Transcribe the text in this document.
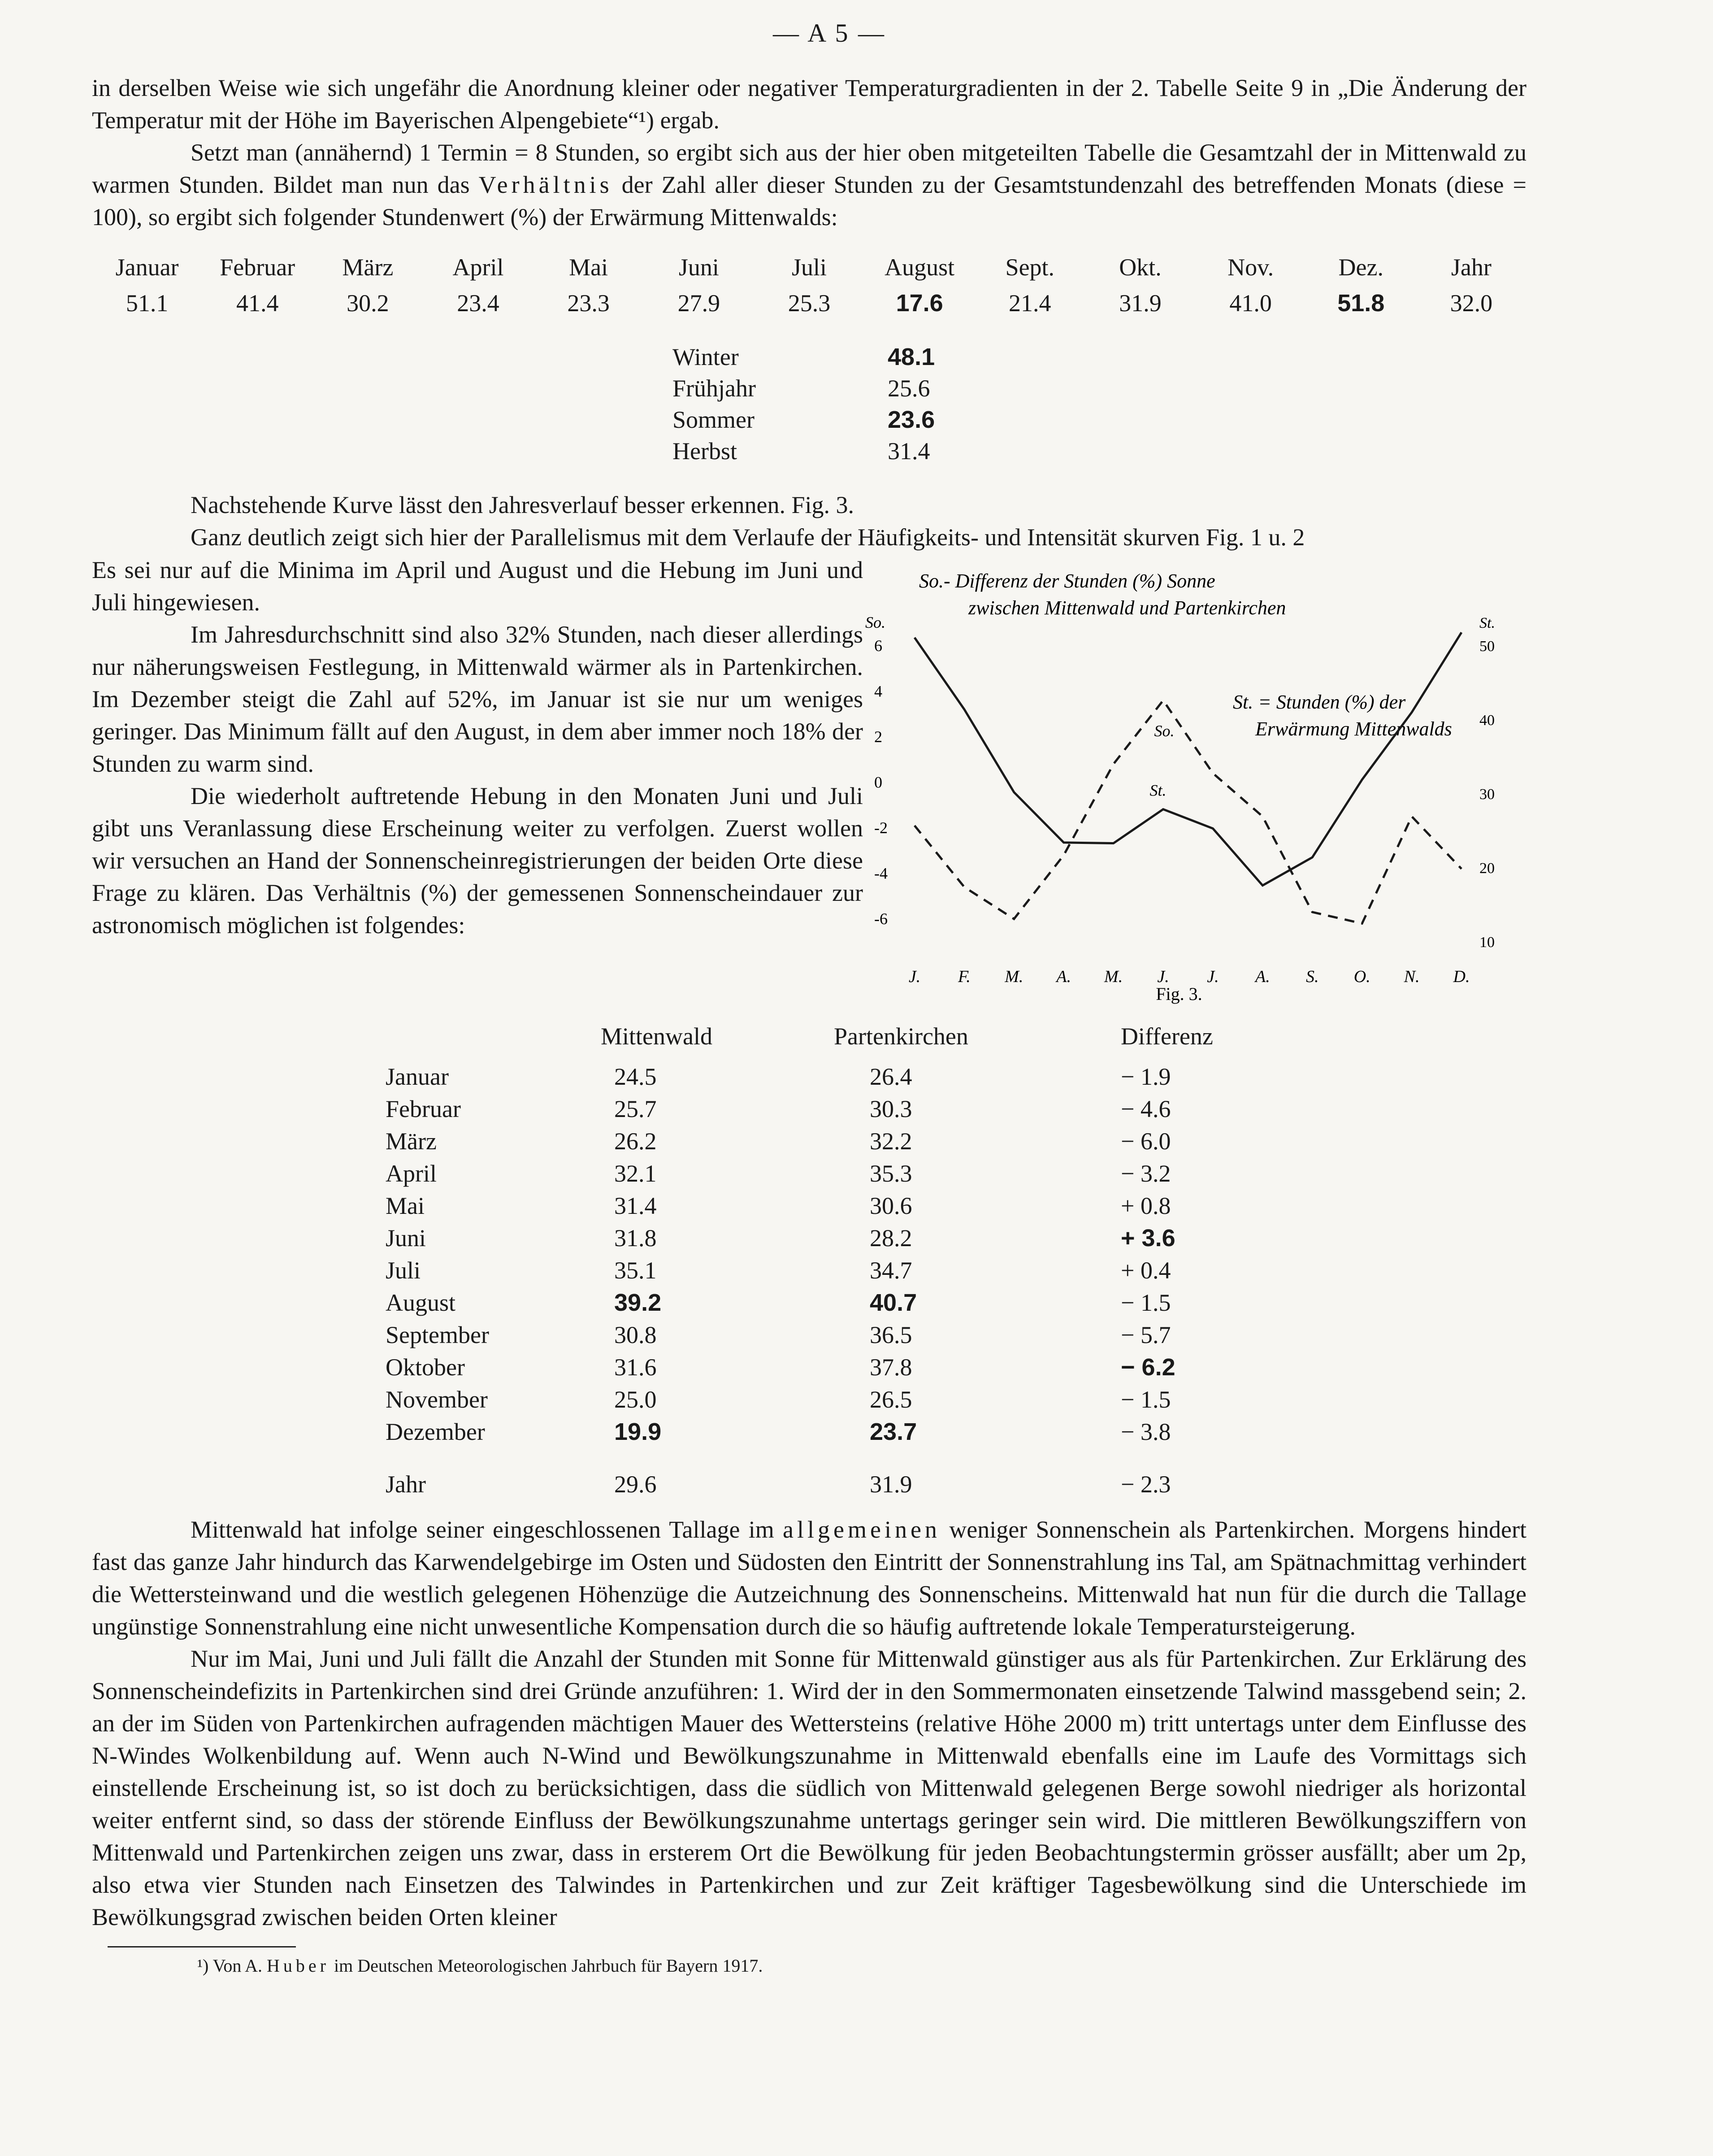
— A 5 —

in derselben Weise wie sich ungefähr die Anordnung kleiner oder negativer Temperaturgradienten in der 2. Tabelle Seite 9 in „Die Änderung der Temperatur mit der Höhe im Bayerischen Alpengebiete“¹) ergab.

Setzt man (annähernd) 1 Termin = 8 Stunden, so ergibt sich aus der hier oben mitgeteilten Tabelle die Gesamtzahl der in Mittenwald zu warmen Stunden. Bildet man nun das Verhältnis der Zahl aller dieser Stunden zu der Gesamtstundenzahl des betreffenden Monats (diese = 100), so ergibt sich folgender Stundenwert (%) der Erwärmung Mittenwalds:

Januar	Februar	März	April	Mai	Juni	Juli	August	Sept.	Okt.	Nov.	Dez.	Jahr
51.1	41.4	30.2	23.4	23.3	27.9	25.3	17.6	21.4	31.9	41.0	51.8	32.0
Winter	48.1
Frühjahr	25.6
Sommer	23.6
Herbst	31.4

Nachstehende Kurve lässt den Jahresverlauf besser erkennen. Fig. 3.

Ganz deutlich zeigt sich hier der Parallelismus mit dem Verlaufe der Häufigkeits- und Intensität skurven Fig. 1 u. 2

Es sei nur auf die Minima im April und August und die Hebung im Juni und Juli hingewiesen.

Im Jahresdurchschnitt sind also 32% Stunden, nach dieser allerdings nur näherungsweisen Festlegung, in Mittenwald wärmer als in Partenkirchen. Im Dezember steigt die Zahl auf 52%, im Januar ist sie nur um weniges geringer. Das Minimum fällt auf den August, in dem aber immer noch 18% der Stunden zu warm sind.

Die wiederholt auftretende Hebung in den Monaten Juni und Juli gibt uns Veranlassung diese Erscheinung weiter zu verfolgen. Zuerst wollen wir versuchen an Hand der Sonnenscheinregistrierungen der beiden Orte diese Frage zu klären. Das Verhältnis (%) der gemessenen Sonnenscheindauer zur astronomisch möglichen ist folgendes:

So.- Differenz der Stunden (%) Sonne
zwischen Mittenwald und Partenkirchen
St. = Stunden (%) der
Erwärmung Mittenwalds
So.
6
4
2
0
-2
-4
-6
St.
50
40
30
20
10
J. F. M. A. M. J. J. A. S. O. N. D.
So.
St.
Fig. 3.
Mittenwald	Partenkirchen	Differenz
Januar	24.5	26.4	− 1.9
Februar	25.7	30.3	− 4.6
März	26.2	32.2	− 6.0
April	32.1	35.3	− 3.2
Mai	31.4	30.6	+ 0.8
Juni	31.8	28.2	+ 3.6
Juli	35.1	34.7	+ 0.4
August	39.2	40.7	− 1.5
September	30.8	36.5	− 5.7
Oktober	31.6	37.8	− 6.2
November	25.0	26.5	− 1.5
Dezember	19.9	23.7	− 3.8
Jahr	29.6	31.9	− 2.3

Mittenwald hat infolge seiner eingeschlossenen Tallage im allgemeinen weniger Sonnenschein als Partenkirchen. Morgens hindert fast das ganze Jahr hindurch das Karwendelgebirge im Osten und Südosten den Eintritt der Sonnenstrahlung ins Tal, am Spätnachmittag verhindert die Wettersteinwand und die westlich gelegenen Höhenzüge die Autzeichnung des Sonnenscheins. Mittenwald hat nun für die durch die Tallage ungünstige Sonnenstrahlung eine nicht unwesentliche Kompensation durch die so häufig auftretende lokale Temperatursteigerung.

Nur im Mai, Juni und Juli fällt die Anzahl der Stunden mit Sonne für Mittenwald günstiger aus als für Partenkirchen. Zur Erklärung des Sonnenscheindefizits in Partenkirchen sind drei Gründe anzuführen: 1. Wird der in den Sommermonaten einsetzende Talwind massgebend sein; 2. an der im Süden von Partenkirchen aufragenden mächtigen Mauer des Wettersteins (relative Höhe 2000 m) tritt untertags unter dem Einflusse des N-Windes Wolkenbildung auf. Wenn auch N-Wind und Bewölkungszunahme in Mittenwald ebenfalls eine im Laufe des Vormittags sich einstellende Erscheinung ist, so ist doch zu berücksichtigen, dass die südlich von Mittenwald gelegenen Berge sowohl niedriger als horizontal weiter entfernt sind, so dass der störende Einfluss der Bewölkungszunahme untertags geringer sein wird. Die mittleren Bewölkungsziffern von Mittenwald und Partenkirchen zeigen uns zwar, dass in ersterem Ort die Bewölkung für jeden Beobachtungstermin grösser ausfällt; aber um 2p, also etwa vier Stunden nach Einsetzen des Talwindes in Partenkirchen und zur Zeit kräftiger Tagesbewölkung sind die Unterschiede im Bewölkungsgrad zwischen beiden Orten kleiner

¹) Von A. Huber im Deutschen Meteorologischen Jahrbuch für Bayern 1917.
